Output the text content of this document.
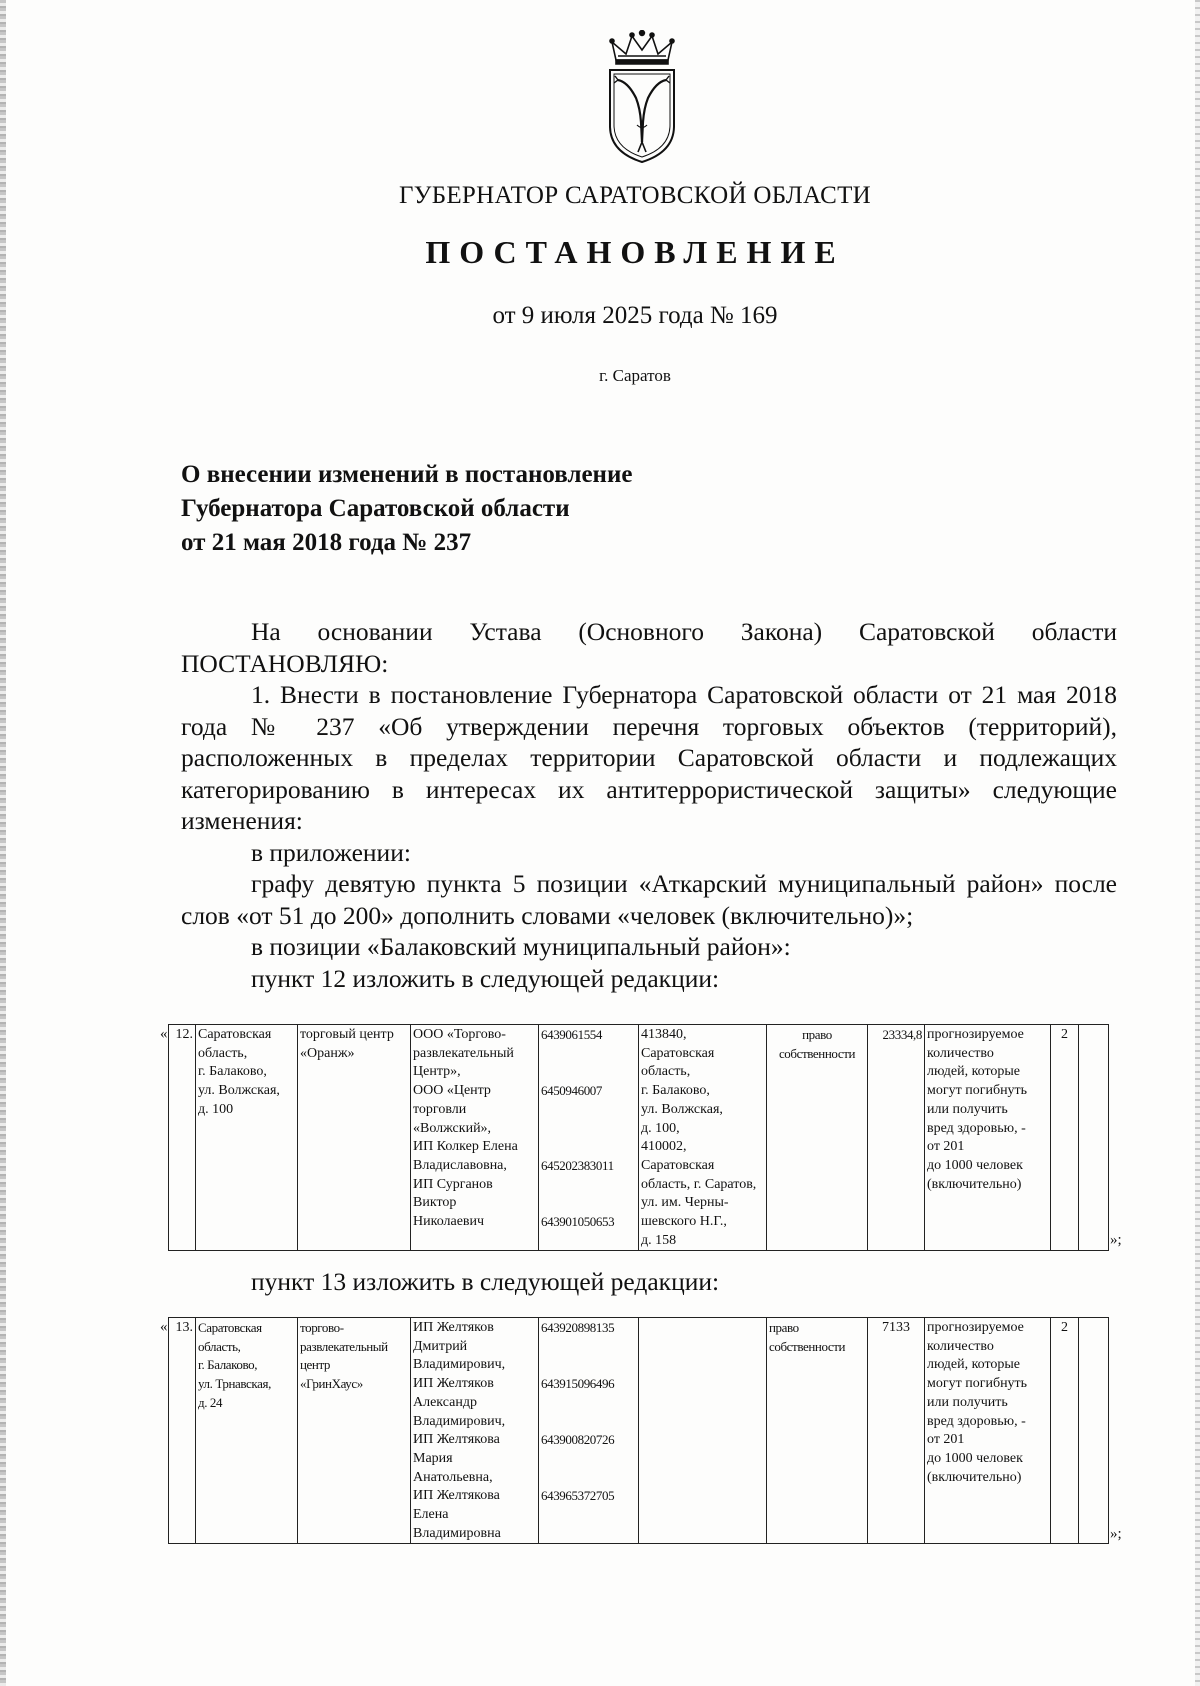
ГУБЕРНАТОР САРАТОВСКОЙ ОБЛАСТИ
ПОСТАНОВЛЕНИЕ
от 9 июля 2025 года № 169
г. Саратов
О внесении изменений в постановление
Губернатора Саратовской области
от 21 мая 2018 года № 237

На основании Устава (Основного Закона) Саратовской области

ПОСТАНОВЛЯЮ:

1. Внести в постановление Губернатора Саратовской области от 21 мая 2018 года № 237 «Об утверждении перечня торговых объектов (территорий), расположенных в пределах территории Саратовской области и подлежащих категорированию в интересах их антитеррористической защиты» следующие изменения:

в приложении:

графу девятую пункта 5 позиции «Аткарский муниципальный район» после слов «от 51 до 200» дополнить словами «человек (включительно)»;

в позиции «Балаковский муниципальный район»:

пункт 12 изложить в следующей редакции:

« 12.	Саратовская
область,
г. Балаково,
ул. Волжская,
д. 100	торговый центр
«Оранж»	ООО «Торгово-
развлекательный
Центр»,
ООО «Центр
торговли
«Волжский»,
ИП Колкер Елена
Владиславовна,
ИП Сурганов
Виктор
Николаевич	6439061554

6450946007

645202383011

643901050653	413840,
Саратовская
область,
г. Балаково,
ул. Волжская,
д. 100,
410002,
Саратовская
область, г. Саратов,
ул. им. Черны-
шевского Н.Г.,
д. 158	право
собственности	23334,8	прогнозируемое
количество
людей, которые
могут погибнуть
или получить
вред здоровью, -
от 201
до 1000 человек
(включительно)	2	
»;
пункт 13 изложить в следующей редакции:
« 13.	Саратовская
область,
г. Балаково,
ул. Трнавская,
д. 24	торгово-
развлекательный
центр
«ГринХаус»	ИП Желтяков
Дмитрий
Владимирович,
ИП Желтяков
Александр
Владимирович,
ИП Желтякова
Мария
Анатольевна,
ИП Желтякова
Елена
Владимировна	643920898135

643915096496

643900820726

643965372705		право
собственности	7133	прогнозируемое
количество
людей, которые
могут погибнуть
или получить
вред здоровью, -
от 201
до 1000 человек
(включительно)	2	
»;
